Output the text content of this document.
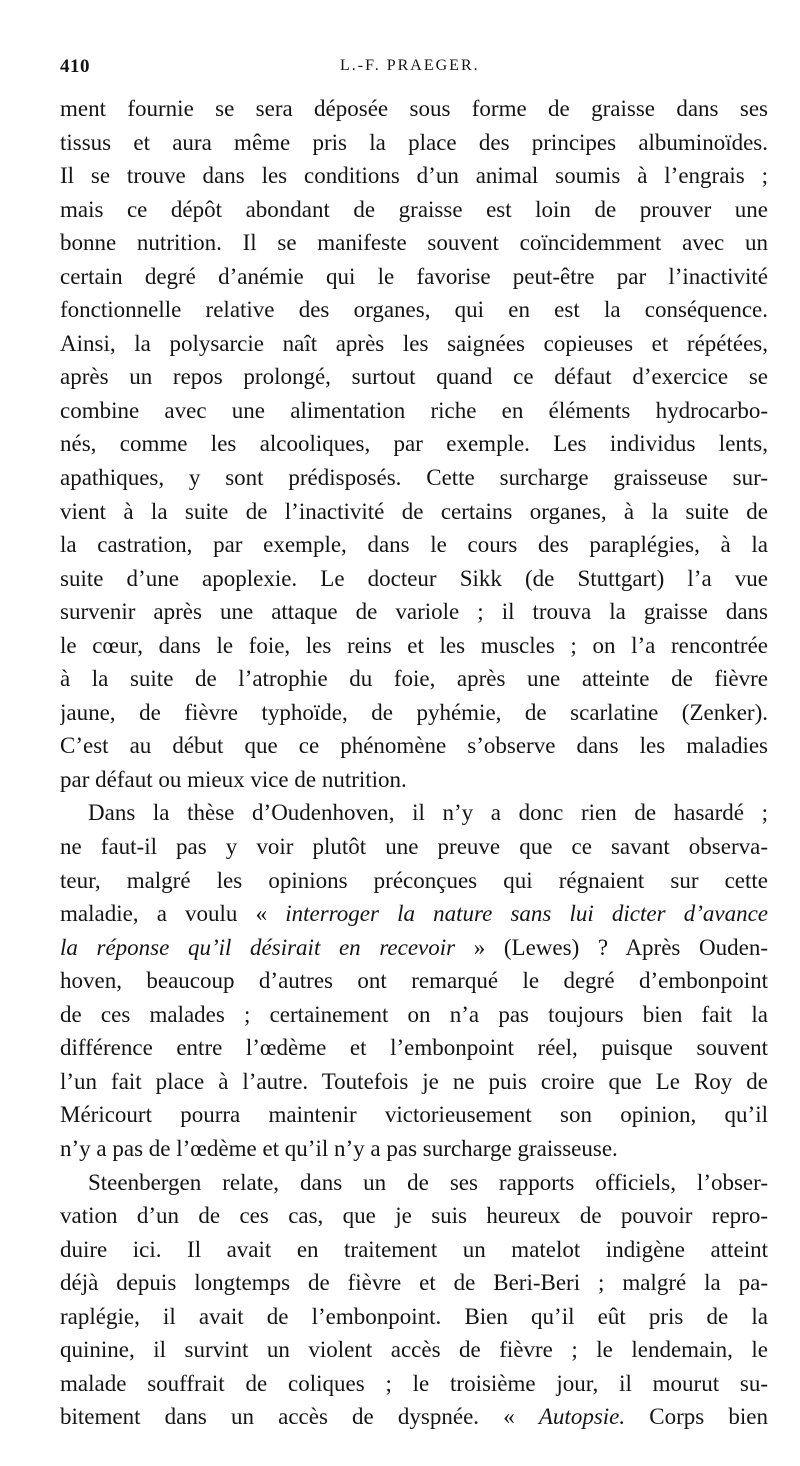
410	L.-F. PRAEGER.
ment fournie se sera déposée sous forme de graisse dans ses
tissus et aura même pris la place des principes albuminoïdes.
Il se trouve dans les conditions d’un animal soumis à l’engrais ;
mais ce dépôt abondant de graisse est loin de prouver une
bonne nutrition. Il se manifeste souvent coïncidemment avec un
certain degré d’anémie qui le favorise peut-être par l’inactivité
fonctionnelle relative des organes, qui en est la conséquence.
Ainsi, la polysarcie naît après les saignées copieuses et répétées,
après un repos prolongé, surtout quand ce défaut d’exercice se
combine avec une alimentation riche en éléments hydrocarbo-
nés, comme les alcooliques, par exemple. Les individus lents,
apathiques, y sont prédisposés. Cette surcharge graisseuse sur-
vient à la suite de l’inactivité de certains organes, à la suite de
la castration, par exemple, dans le cours des paraplégies, à la
suite d’une apoplexie. Le docteur Sikk (de Stuttgart) l’a vue
survenir après une attaque de variole ; il trouva la graisse dans
le cœur, dans le foie, les reins et les muscles ; on l’a rencontrée
à la suite de l’atrophie du foie, après une atteinte de fièvre
jaune, de fièvre typhoïde, de pyhémie, de scarlatine (Zenker).
C’est au début que ce phénomène s’observe dans les maladies
par défaut ou mieux vice de nutrition.
Dans la thèse d’Oudenhoven, il n’y a donc rien de hasardé ;
ne faut-il pas y voir plutôt une preuve que ce savant observa-
teur, malgré les opinions préconçues qui régnaient sur cette
maladie, a voulu « interroger la nature sans lui dicter d’avance
la réponse qu’il désirait en recevoir » (Lewes) ? Après Ouden-
hoven, beaucoup d’autres ont remarqué le degré d’embonpoint
de ces malades ; certainement on n’a pas toujours bien fait la
différence entre l’œdème et l’embonpoint réel, puisque souvent
l’un fait place à l’autre. Toutefois je ne puis croire que Le Roy de
Méricourt pourra maintenir victorieusement son opinion, qu’il
n’y a pas de l’œdème et qu’il n’y a pas surcharge graisseuse.
Steenbergen relate, dans un de ses rapports officiels, l’obser-
vation d’un de ces cas, que je suis heureux de pouvoir repro-
duire ici. Il avait en traitement un matelot indigène atteint
déjà depuis longtemps de fièvre et de Beri-Beri ; malgré la pa-
raplégie, il avait de l’embonpoint. Bien qu’il eût pris de la
quinine, il survint un violent accès de fièvre ; le lendemain, le
malade souffrait de coliques ; le troisième jour, il mourut su-
bitement dans un accès de dyspnée. « Autopsie. Corps bien
